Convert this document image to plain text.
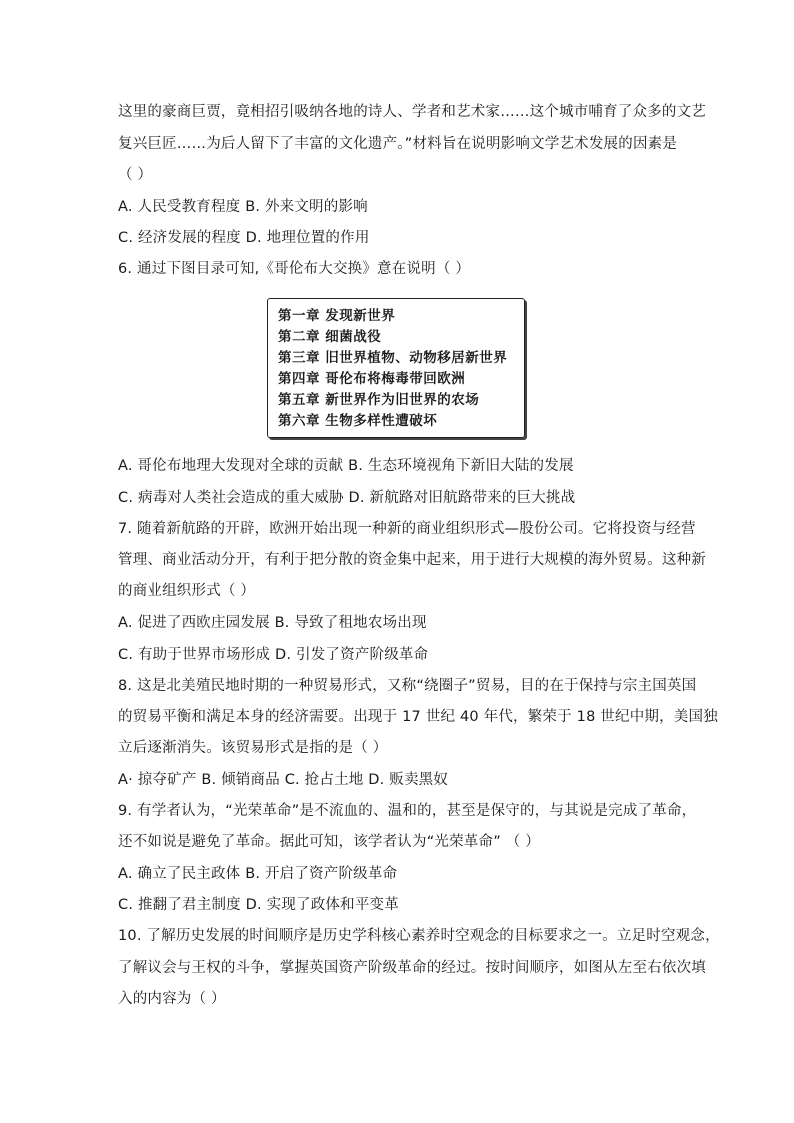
这里的豪商巨贾，竟相招引吸纳各地的诗人、学者和艺术家……这个城市哺育了众多的文艺
复兴巨匠……为后人留下了丰富的文化遗产。”材料旨在说明影响文学艺术发展的因素是
（ ）
A. 人民受教育程度 B. 外来文明的影响
C. 经济发展的程度 D. 地理位置的作用
6. 通过下图目录可知,《哥伦布大交换》意在说明（ ）
第一章 发现新世界
第二章 细菌战役
第三章 旧世界植物、动物移居新世界
第四章 哥伦布将梅毒带回欧洲
第五章 新世界作为旧世界的农场
第六章 生物多样性遭破坏
A. 哥伦布地理大发现对全球的贡献 B. 生态环境视角下新旧大陆的发展
C. 病毒对人类社会造成的重大威胁 D. 新航路对旧航路带来的巨大挑战
7. 随着新航路的开辟，欧洲开始出现一种新的商业组织形式—股份公司。它将投资与经营
管理、商业活动分开，有利于把分散的资金集中起来，用于进行大规模的海外贸易。这种新
的商业组织形式（ ）
A. 促进了西欧庄园发展 B. 导致了租地农场出现
C. 有助于世界市场形成 D. 引发了资产阶级革命
8. 这是北美殖民地时期的一种贸易形式，又称“绕圈子”贸易，目的在于保持与宗主国英国
的贸易平衡和满足本身的经济需要。出现于 17 世纪 40 年代，繁荣于 18 世纪中期，美国独
立后逐渐消失。该贸易形式是指的是（ ）
A· 掠夺矿产 B. 倾销商品 C. 抢占土地 D. 贩卖黑奴
9. 有学者认为，“光荣革命”是不流血的、温和的，甚至是保守的，与其说是完成了革命，
还不如说是避免了革命。据此可知，该学者认为“光荣革命” （ ）
A. 确立了民主政体 B. 开启了资产阶级革命
C. 推翻了君主制度 D. 实现了政体和平变革
10. 了解历史发展的时间顺序是历史学科核心素养时空观念的目标要求之一。立足时空观念，
了解议会与王权的斗争，掌握英国资产阶级革命的经过。按时间顺序，如图从左至右依次填
入的内容为（ ）
